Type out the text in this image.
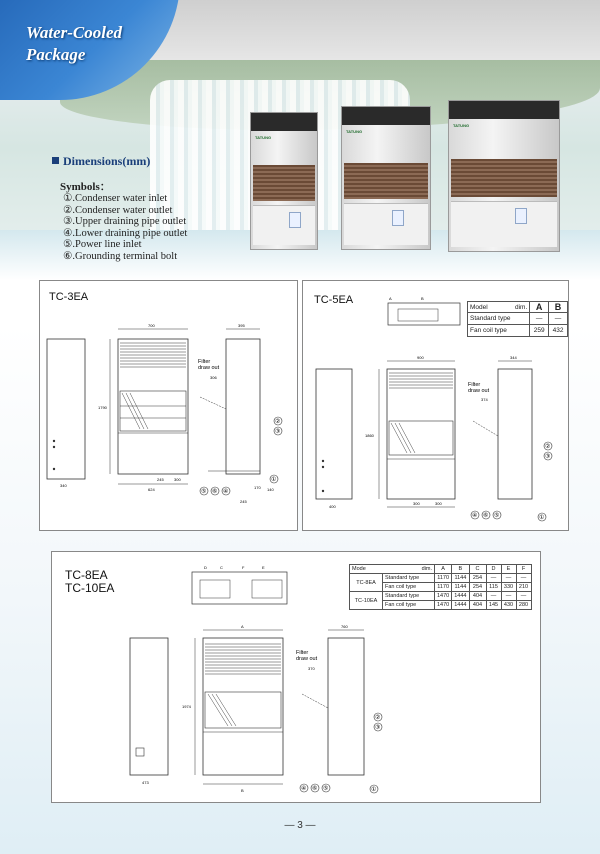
Water-Cooled
Package
TATUNG
TATUNG
TATUNG
Dimensions(mm)
Symbols：
①.Condenser water inlet
②.Condenser water outlet
③.Upper draining pipe outlet
④.Lower draining pipe outlet
⑤.Power line inlet
⑥.Grounding terminal bolt
TC-3EA
340
700
1790
624
245	300
395
Filter
draw out
306
245
170 140
⑤ ⑥ ④
①
②
③
TC-5EA	A	B
400
900
1860
300	300
344
Filter
draw out
374
④ ⑥ ⑤	①
②
③
Model dim.	A	B
Standard type	—	—
Fan coil type	259	432
TC-8EA
TC-10EA
D	C	F	E
473
A
1974
B
760
Filter
draw out
370
④ ⑥ ⑤	①
②
③
Mode dim.		A	B	C	D	E	F
TC-8EA	Standard type	1170	1144	254	—	—	—
	Fan coil type	1170	1144	254	115	330	210
TC-10EA	Standard type	1470	1444	404	—	—	—
	Fan coil type	1470	1444	404	145	430	280
— 3 —
